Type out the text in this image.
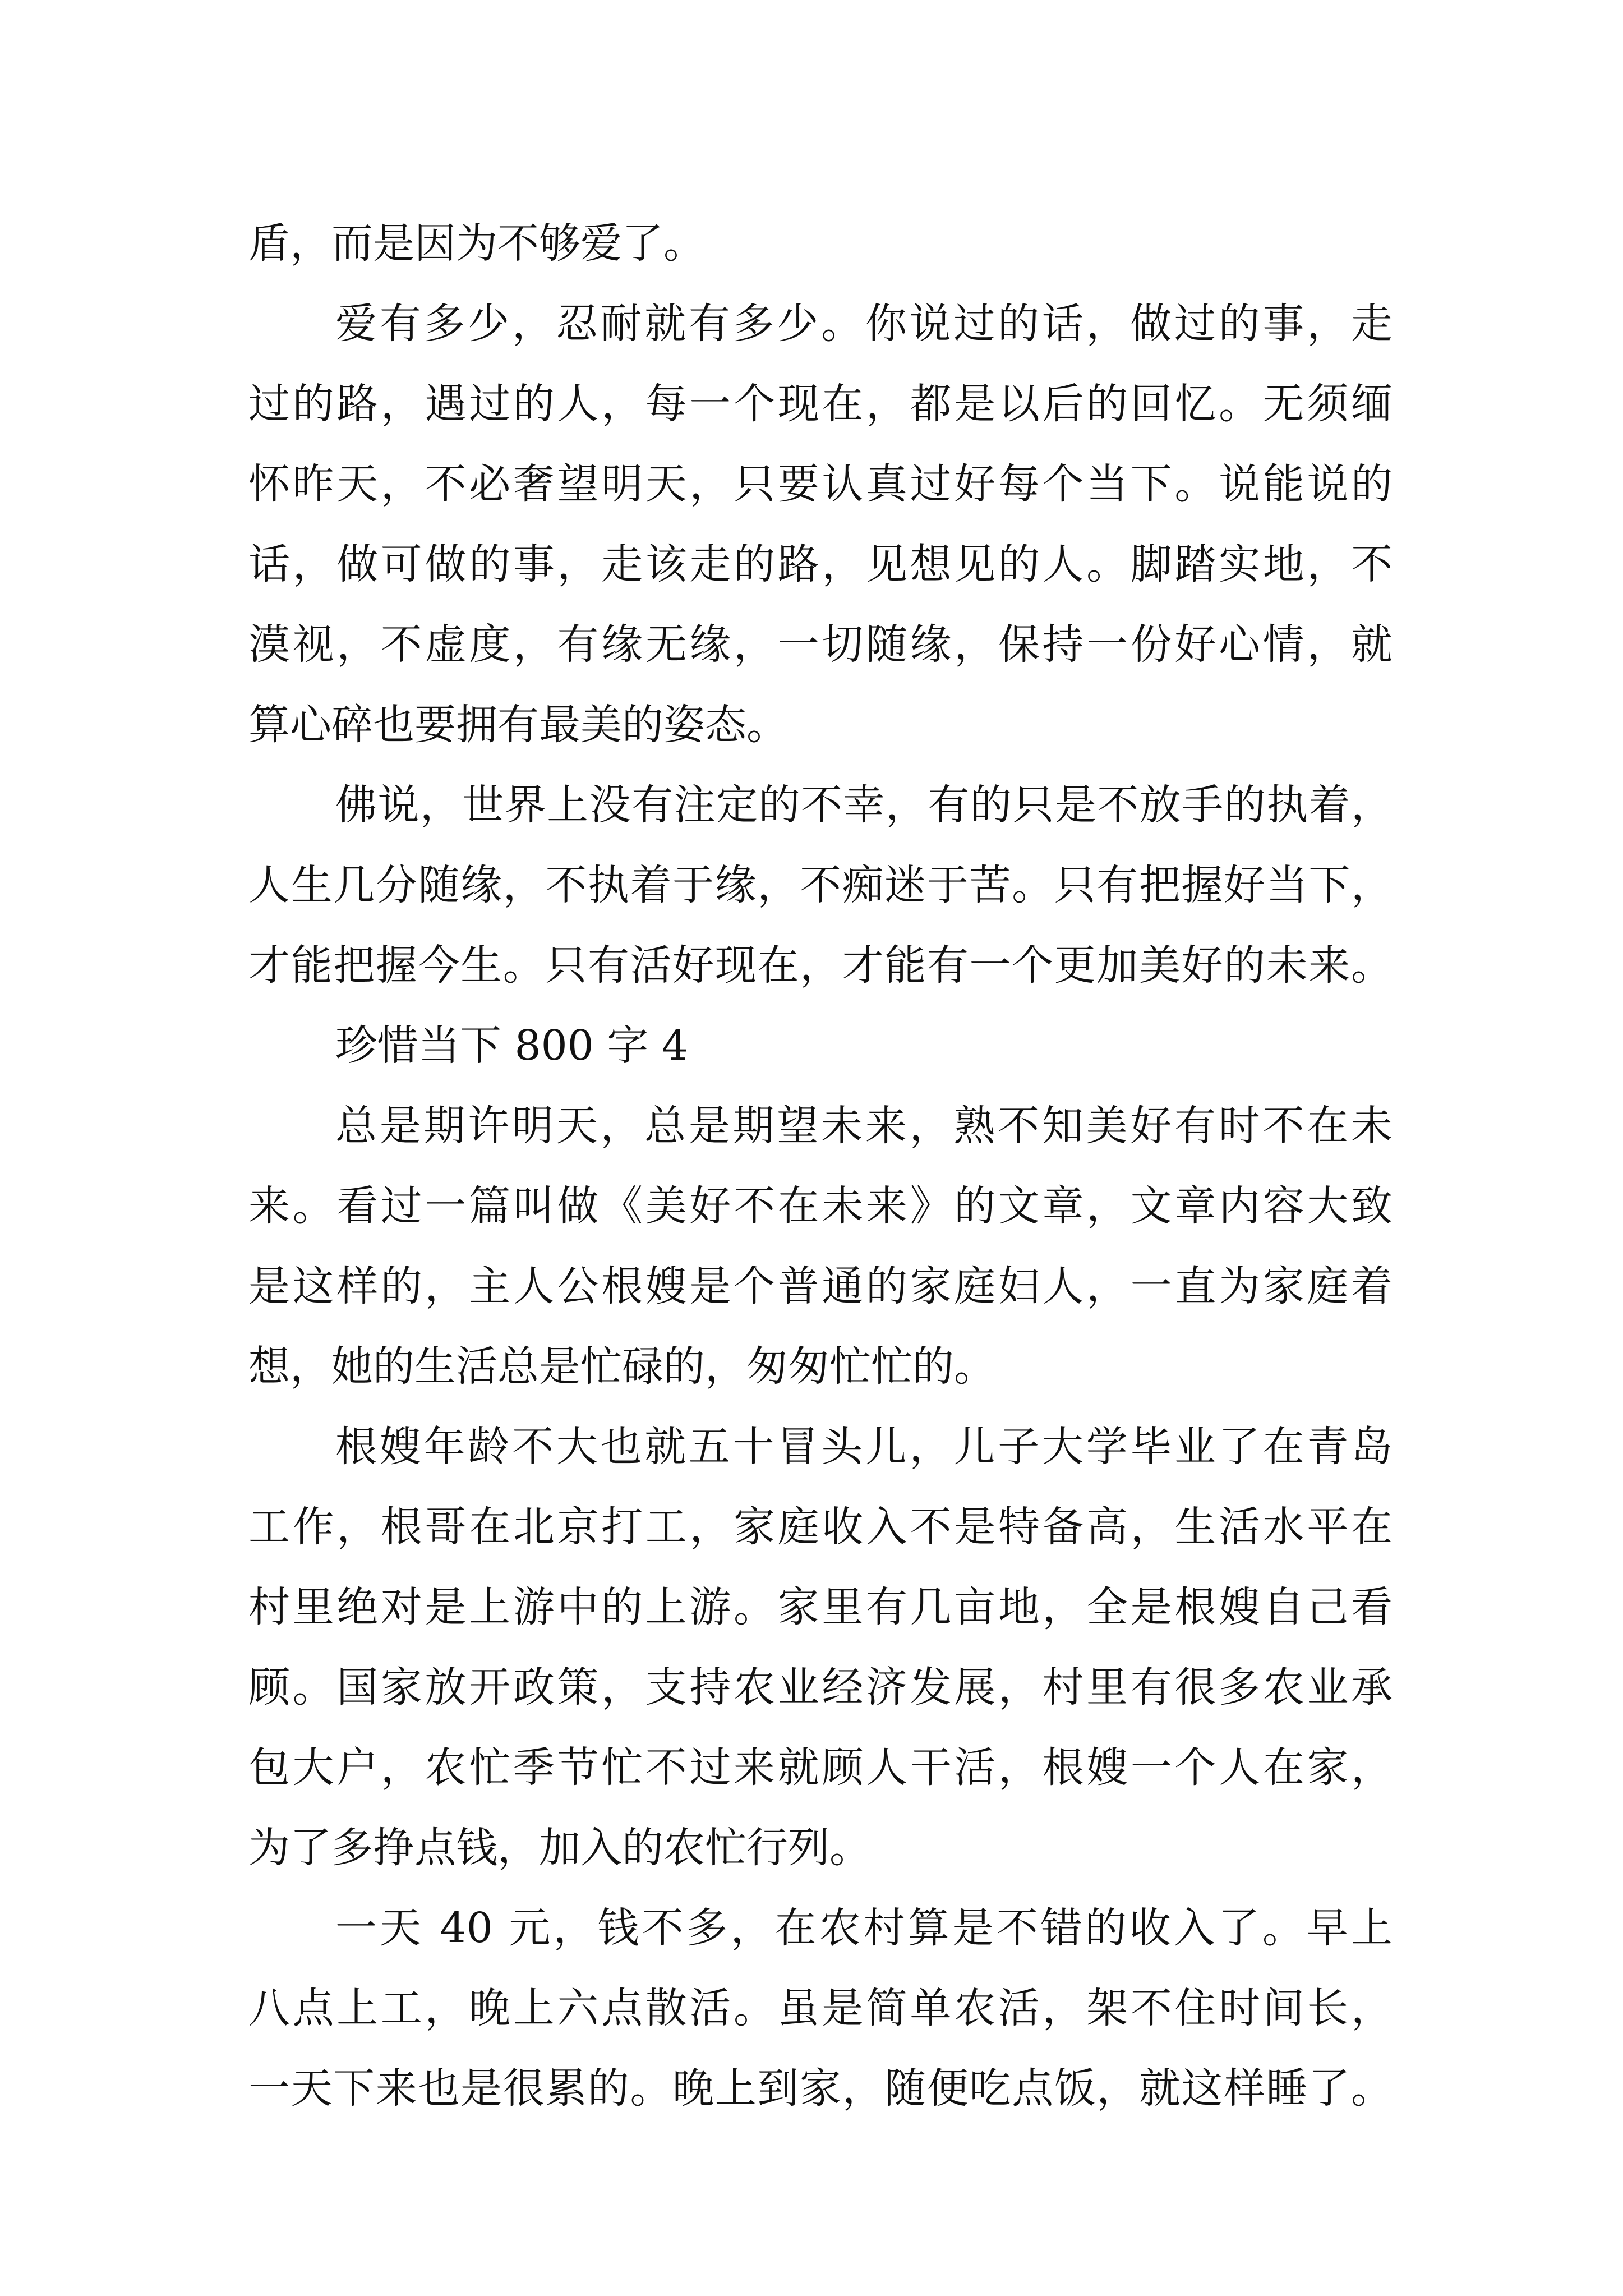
盾，而是因为不够爱了。
爱有多少，忍耐就有多少。你说过的话，做过的事，走
过的路，遇过的人，每一个现在，都是以后的回忆。无须缅
怀昨天，不必奢望明天，只要认真过好每个当下。说能说的
话，做可做的事，走该走的路，见想见的人。脚踏实地，不
漠视，不虚度，有缘无缘，一切随缘，保持一份好心情，就
算心碎也要拥有最美的姿态。
佛说，世界上没有注定的不幸，有的只是不放手的执着，
人生几分随缘，不执着于缘，不痴迷于苦。只有把握好当下，
才能把握今生。只有活好现在，才能有一个更加美好的未来。
珍惜当下 800 字 4
总是期许明天，总是期望未来，熟不知美好有时不在未
来。看过一篇叫做《美好不在未来》的文章，文章内容大致
是这样的，主人公根嫂是个普通的家庭妇人，一直为家庭着
想，她的生活总是忙碌的，匆匆忙忙的。
根嫂年龄不大也就五十冒头儿，儿子大学毕业了在青岛
工作，根哥在北京打工，家庭收入不是特备高，生活水平在
村里绝对是上游中的上游。家里有几亩地，全是根嫂自己看
顾。国家放开政策，支持农业经济发展，村里有很多农业承
包大户，农忙季节忙不过来就顾人干活，根嫂一个人在家，
为了多挣点钱，加入的农忙行列。
一天 40 元，钱不多，在农村算是不错的收入了。早上
八点上工，晚上六点散活。虽是简单农活，架不住时间长，
一天下来也是很累的。晚上到家，随便吃点饭，就这样睡了。
